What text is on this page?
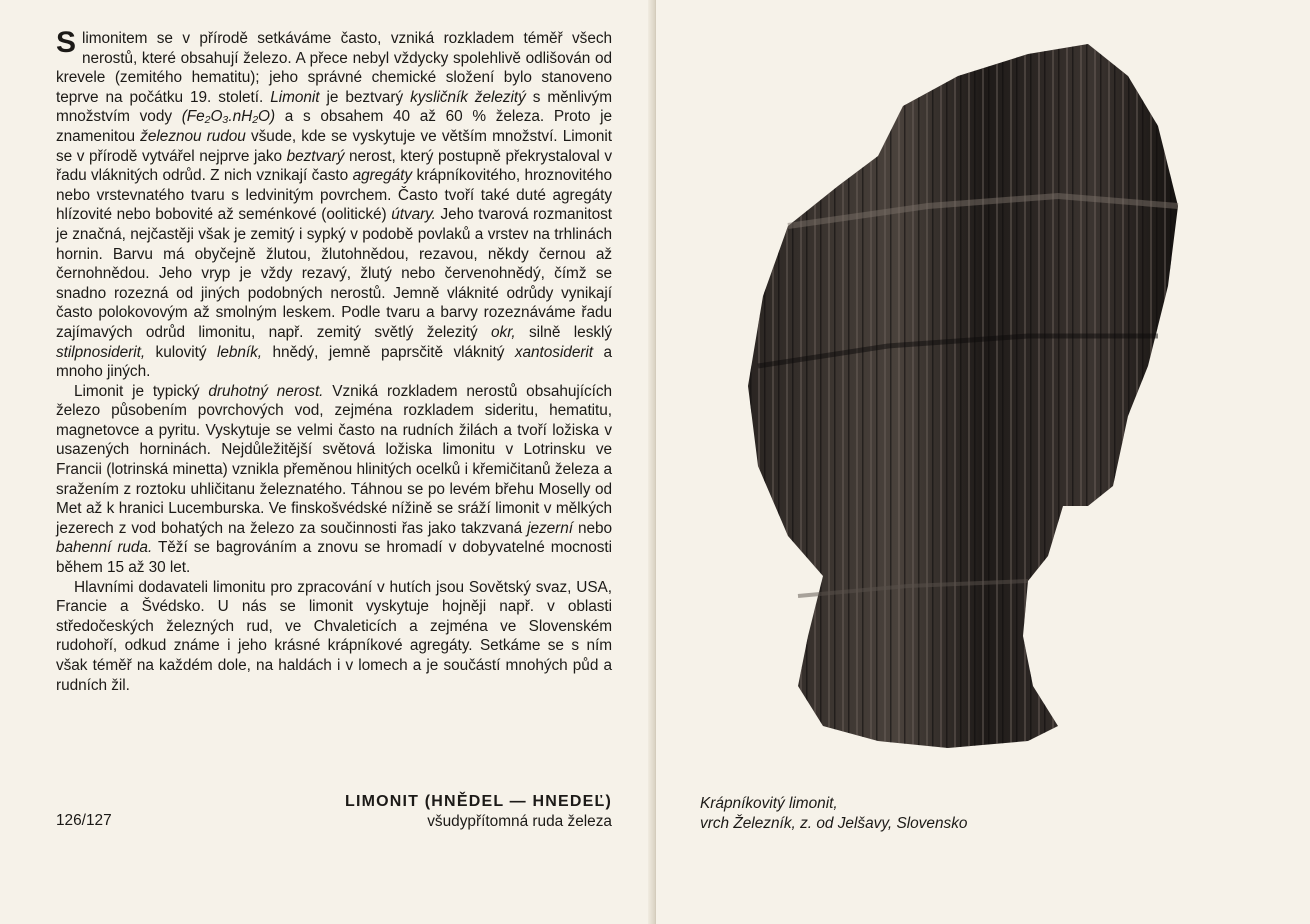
Slimonitem se v přírodě setkáváme často, vzniká rozkladem téměř všech nerostů, které obsahují železo. A přece nebyl vždycky spolehlivě odlišován od krevele (zemitého hematitu); jeho správné chemické složení bylo stanoveno teprve na počátku 19. století. Limonit je beztvarý kysličník železitý s měnlivým množstvím vody (Fe₂O₃.nH₂O) a s obsahem 40 až 60 % železa. Proto je znamenitou železnou rudou všude, kde se vyskytuje ve větším množství. Limonit se v přírodě vytvářel nejprve jako beztvarý nerost, který postupně překrystaloval v řadu vláknitých odrůd. Z nich vznikají často agregáty krápníkovitého, hroznovitého nebo vrstevnatého tvaru s ledvinitým povrchem. Často tvoří také duté agregáty hlízovité nebo bobovité až seménkové (oolitické) útvary. Jeho tvarová rozmanitost je značná, nejčastěji však je zemitý i sypký v podobě povlaků a vrstev na trhlinách hornin. Barvu má obyčejně žlutou, žlutohnědou, rezavou, někdy černou až černohnědou. Jeho vryp je vždy rezavý, žlutý nebo červenohnědý, čímž se snadno rozezná od jiných podobných nerostů. Jemně vláknité odrůdy vynikají často polokovovým až smolným leskem. Podle tvaru a barvy rozeznáváme řadu zajímavých odrůd limonitu, např. zemitý světlý železitý okr, silně lesklý stilpnosiderit, kulovitý lebník, hnědý, jemně paprsčitě vláknitý xantosiderit a mnoho jiných.

Limonit je typický druhotný nerost. Vzniká rozkladem nerostů obsahujících železo působením povrchových vod, zejména rozkladem sideritu, hematitu, magnetovce a pyritu. Vyskytuje se velmi často na rudních žilách a tvoří ložiska v usazených horninách. Nejdůležitější světová ložiska limonitu v Lotrinsku ve Francii (lotrinská minetta) vznikla přeměnou hlinitých ocelků i křemičitanů železa a sražením z roztoku uhličitanu železnatého. Táhnou se po levém břehu Moselly od Met až k hranici Lucemburska. Ve finskošvédské nížině se sráží limonit v mělkých jezerech z vod bohatých na železo za součinnosti řas jako takzvaná jezerní nebo bahenní ruda. Těží se bagrováním a znovu se hromadí v dobyvatelné mocnosti během 15 až 30 let.

Hlavními dodavateli limonitu pro zpracování v hutích jsou Sovětský svaz, USA, Francie a Švédsko. U nás se limonit vyskytuje hojněji např. v oblasti středočeských železných rud, ve Chvaleticích a zejména ve Slovenském rudohoří, odkud známe i jeho krásné krápníkové agregáty. Setkáme se s ním však téměř na každém dole, na haldách i v lomech a je součástí mnohých půd a rudních žil.

126/127
LIMONIT (HNĚDEL — HNEDEĽ)
všudypřítomná ruda železa
Krápníkovitý limonit,
vrch Železník, z. od Jelšavy, Slovensko
